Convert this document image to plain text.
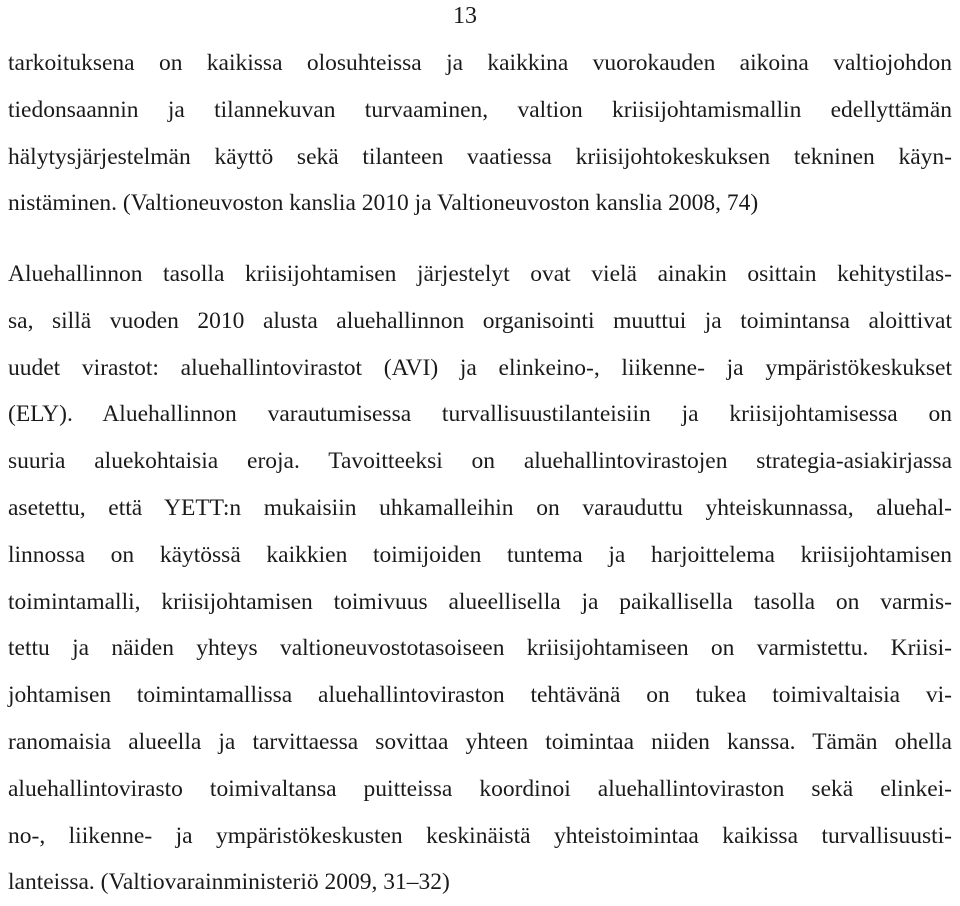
13
tarkoituksena on kaikissa olosuhteissa ja kaikkina vuorokauden aikoina valtiojohdon
tiedonsaannin ja tilannekuvan turvaaminen, valtion kriisijohtamismallin edellyttämän
hälytysjärjestelmän käyttö sekä tilanteen vaatiessa kriisijohtokeskuksen tekninen käyn-
nistäminen. (Valtioneuvoston kanslia 2010 ja Valtioneuvoston kanslia 2008, 74)
Aluehallinnon tasolla kriisijohtamisen järjestelyt ovat vielä ainakin osittain kehitystilas-
sa, sillä vuoden 2010 alusta aluehallinnon organisointi muuttui ja toimintansa aloittivat
uudet virastot: aluehallintovirastot (AVI) ja elinkeino-, liikenne- ja ympäristökeskukset
(ELY). Aluehallinnon varautumisessa turvallisuustilanteisiin ja kriisijohtamisessa on
suuria aluekohtaisia eroja. Tavoitteeksi on aluehallintovirastojen strategia-asiakirjassa
asetettu, että YETT:n mukaisiin uhkamalleihin on varauduttu yhteiskunnassa, aluehal-
linnossa on käytössä kaikkien toimijoiden tuntema ja harjoittelema kriisijohtamisen
toimintamalli, kriisijohtamisen toimivuus alueellisella ja paikallisella tasolla on varmis-
tettu ja näiden yhteys valtioneuvostotasoiseen kriisijohtamiseen on varmistettu. Kriisi-
johtamisen toimintamallissa aluehallintoviraston tehtävänä on tukea toimivaltaisia vi-
ranomaisia alueella ja tarvittaessa sovittaa yhteen toimintaa niiden kanssa. Tämän ohella
aluehallintovirasto toimivaltansa puitteissa koordinoi aluehallintoviraston sekä elinkei-
no-, liikenne- ja ympäristökeskusten keskinäistä yhteistoimintaa kaikissa turvallisuusti-
lanteissa. (Valtiovarainministeriö 2009, 31–32)
